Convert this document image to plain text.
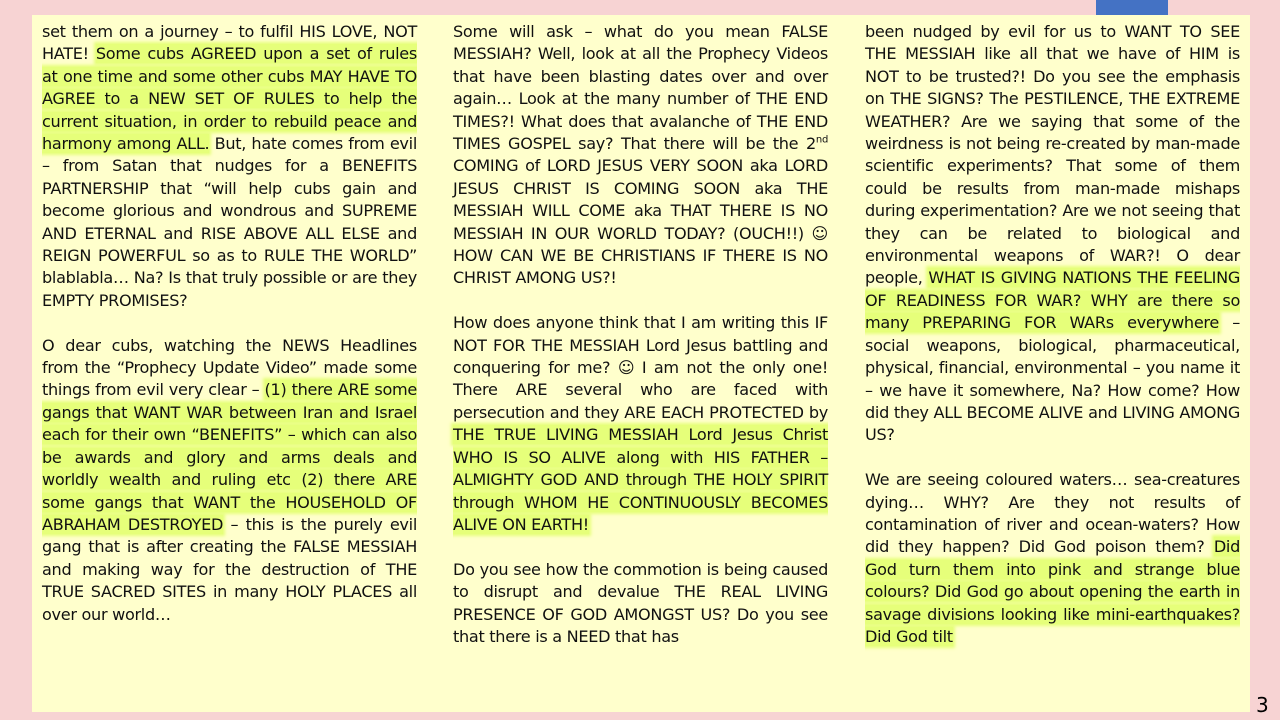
set them on a journey – to fulfil HIS LOVE, NOT HATE! Some cubs AGREED upon a set of rules at one time and some other cubs MAY HAVE TO AGREE to a NEW SET OF RULES to help the current situation, in order to rebuild peace and harmony among ALL. But, hate comes from evil – from Satan that nudges for a BENEFITS PARTNERSHIP that “will help cubs gain and become glorious and wondrous and SUPREME AND ETERNAL and RISE ABOVE ALL ELSE and REIGN POWERFUL so as to RULE THE WORLD” blablabla… Na? Is that truly possible or are they EMPTY PROMISES?

O dear cubs, watching the NEWS Headlines from the “Prophecy Update Video” made some things from evil very clear – (1) there ARE some gangs that WANT WAR between Iran and Israel each for their own “BENEFITS” – which can also be awards and glory and arms deals and worldly wealth and ruling etc (2) there ARE some gangs that WANT the HOUSEHOLD OF ABRAHAM DESTROYED – this is the purely evil gang that is after creating the FALSE MESSIAH and making way for the destruction of THE TRUE SACRED SITES in many HOLY PLACES all over our world…

Some will ask – what do you mean FALSE MESSIAH? Well, look at all the Prophecy Videos that have been blasting dates over and over again… Look at the many number of THE END TIMES?! What does that avalanche of THE END TIMES GOSPEL say? That there will be the 2nd COMING of LORD JESUS VERY SOON aka LORD JESUS CHRIST IS COMING SOON aka THE MESSIAH WILL COME aka THAT THERE IS NO MESSIAH IN OUR WORLD TODAY? (OUCH!!) ☺ HOW CAN WE BE CHRISTIANS IF THERE IS NO CHRIST AMONG US?!

How does anyone think that I am writing this IF NOT FOR THE MESSIAH Lord Jesus battling and conquering for me? ☺ I am not the only one! There ARE several who are faced with persecution and they ARE EACH PROTECTED by THE TRUE LIVING MESSIAH Lord Jesus Christ WHO IS SO ALIVE along with HIS FATHER – ALMIGHTY GOD AND through THE HOLY SPIRIT through WHOM HE CONTINUOUSLY BECOMES ALIVE ON EARTH!

Do you see how the commotion is being caused to disrupt and devalue THE REAL LIVING PRESENCE OF GOD AMONGST US? Do you see that there is a NEED that has

been nudged by evil for us to WANT TO SEE THE MESSIAH like all that we have of HIM is NOT to be trusted?! Do you see the emphasis on THE SIGNS? The PESTILENCE, THE EXTREME WEATHER? Are we saying that some of the weirdness is not being re-created by man-made scientific experiments? That some of them could be results from man-made mishaps during experimentation? Are we not seeing that they can be related to biological and environmental weapons of WAR?! O dear people, WHAT IS GIVING NATIONS THE FEELING OF READINESS FOR WAR? WHY are there so many PREPARING FOR WARs everywhere – social weapons, biological, pharmaceutical, physical, financial, environmental – you name it – we have it somewhere, Na? How come? How did they ALL BECOME ALIVE and LIVING AMONG US?

We are seeing coloured waters… sea-creatures dying… WHY? Are they not results of contamination of river and ocean-waters? How did they happen? Did God poison them? Did God turn them into pink and strange blue colours? Did God go about opening the earth in savage divisions looking like mini-earthquakes? Did God tilt

3
